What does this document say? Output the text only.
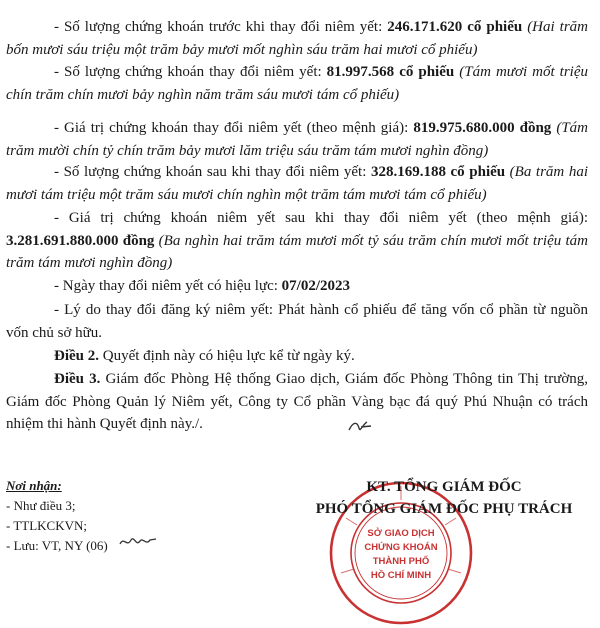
- Số lượng chứng khoán trước khi thay đổi niêm yết: 246.171.620 cổ phiếu (Hai trăm bốn mươi sáu triệu một trăm bảy mươi mốt nghìn sáu trăm hai mươi cổ phiếu)

- Số lượng chứng khoán thay đổi niêm yết: 81.997.568 cổ phiếu (Tám mươi mốt triệu chín trăm chín mươi bảy nghìn năm trăm sáu mươi tám cổ phiếu)

- Giá trị chứng khoán thay đổi niêm yết (theo mệnh giá): 819.975.680.000 đồng (Tám trăm mười chín tỷ chín trăm bảy mươi lăm triệu sáu trăm tám mươi nghìn đồng)

- Số lượng chứng khoán sau khi thay đổi niêm yết: 328.169.188 cổ phiếu (Ba trăm hai mươi tám triệu một trăm sáu mươi chín nghìn một trăm tám mươi tám cổ phiếu)

- Giá trị chứng khoán niêm yết sau khi thay đổi niêm yết (theo mệnh giá): 3.281.691.880.000 đồng (Ba nghìn hai trăm tám mươi mốt tỷ sáu trăm chín mươi mốt triệu tám trăm tám mươi nghìn đồng)

- Ngày thay đổi niêm yết có hiệu lực: 07/02/2023

- Lý do thay đổi đăng ký niêm yết: Phát hành cổ phiếu để tăng vốn cổ phần từ nguồn vốn chủ sở hữu.

Điều 2. Quyết định này có hiệu lực kể từ ngày ký.

Điều 3. Giám đốc Phòng Hệ thống Giao dịch, Giám đốc Phòng Thông tin Thị trường, Giám đốc Phòng Quản lý Niêm yết, Công ty Cổ phần Vàng bạc đá quý Phú Nhuận có trách nhiệm thi hành Quyết định này./.

Nơi nhận:
- Như điều 3;
- TTLKCKVN;
- Lưu: VT, NY (06)
SỞ GIAO DỊCH
CHỨNG KHOÁN
THÀNH PHỐ
HỒ CHÍ MINH
KT. TỔNG GIÁM ĐỐC
PHÓ TỔNG GIÁM ĐỐC PHỤ TRÁCH
